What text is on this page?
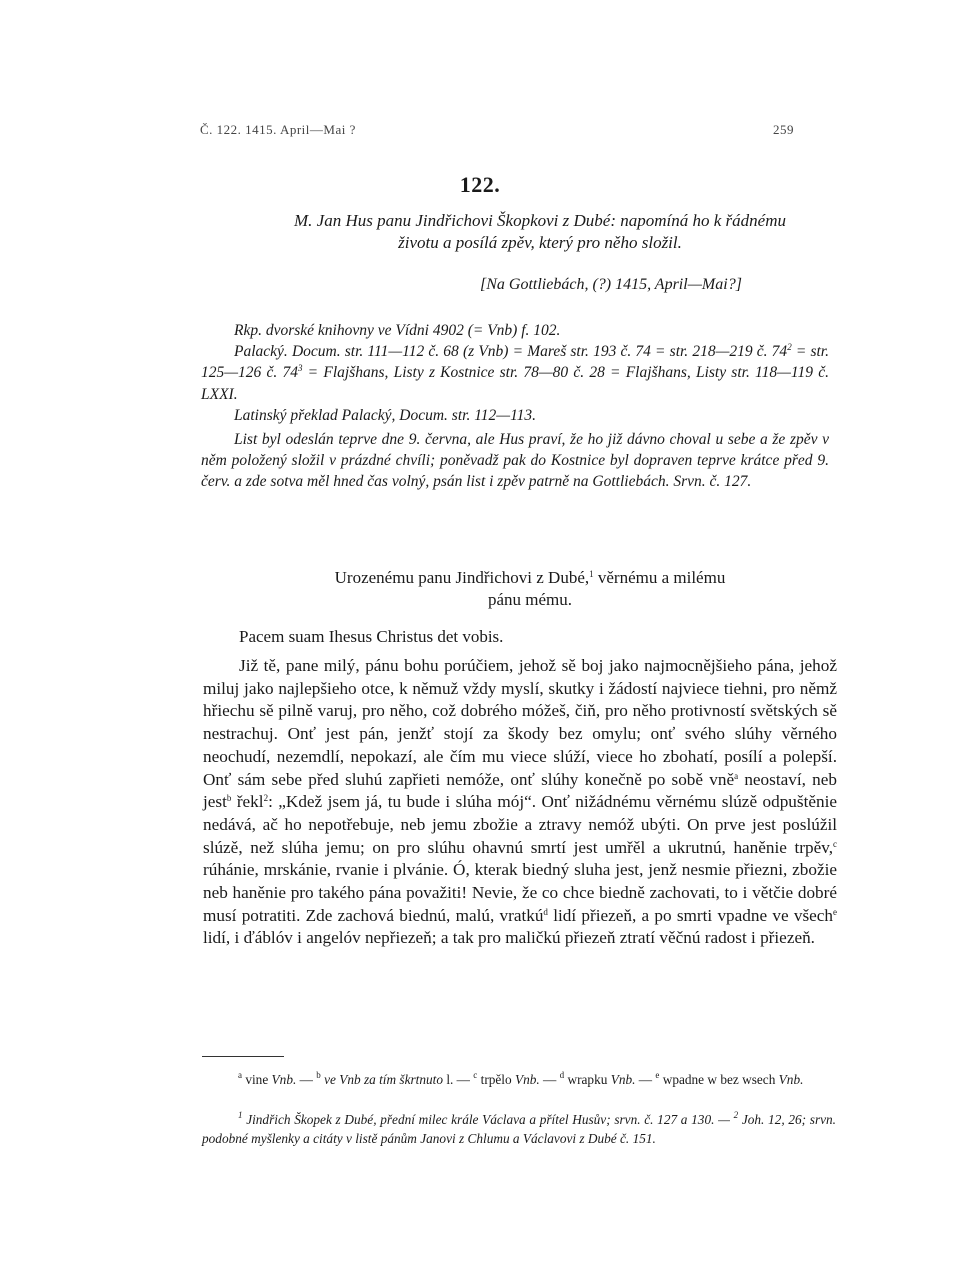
Č. 122. 1415. April—Mai ?	259
122.
M. Jan Hus panu Jindřichovi Škopkovi z Dubé: napomíná ho k řádnému
životu a posílá zpěv, který pro něho složil.
[Na Gottliebách, (?) 1415, April—Mai?]

Rkp. dvorské knihovny ve Vídni 4902 (= Vnb) f. 102.

Palacký. Docum. str. 111—112 č. 68 (z Vnb) = Mareš str. 193 č. 74 = str. 218—219 č. $74^2$ = str. 125—126 č. $74^3$ = Flajšhans, Listy z Kostnice str. 78—80 č. 28 = Flajšhans, Listy str. 118—119 č. LXXI.

Latinský překlad Palacký, Docum. str. 112—113.

List byl odeslán teprve dne 9. června, ale Hus praví, že ho již dávno choval u sebe a že zpěv v něm položený složil v prázdné chvíli; poněvadž pak do Kostnice byl dopraven teprve krátce před 9. červ. a zde sotva měl hned čas volný, psán list i zpěv patrně na Gottliebách. Srvn. č. 127.

Urozenému panu Jindřichovi z Dubé,$^1$ věrnému a milému
pánu mému.
Pacem suam Ihesus Christus det vobis.

Již tě, pane milý, pánu bohu porúčiem, jehož sě boj jako najmocnějšieho pána, jehož miluj jako najlepšieho otce, k němuž vždy myslí, skutky i žádostí najviece tiehni, pro němž hřiechu sě pilně varuj, pro něho, což dobrého móžeš, čiň, pro něho protivností světských sě nestrachuj. Onť jest pán, jenžť stojí za škody bez omylu; onť svého slúhy věrného neochudí, nezemdlí, nepokazí, ale čím mu viece slúží, viece ho zbohatí, posílí a polepší. Onť sám sebe před sluhú zapřieti nemóže, onť slúhy konečně po sobě vně$^a$ neostaví, neb jest$^b$ řekl$^2$: „Kdež jsem já, tu bude i slúha mój“. Onť nižádnému věrnému slúzě odpuštěnie nedává, ač ho nepotřebuje, neb jemu zbožie a ztravy nemóž ubýti. On prve jest poslúžil slúzě, než slúha jemu; on pro slúhu ohavnú smrtí jest umřěl a ukrutnú, haněnie trpěv,$^c$ rúhánie, mrskánie, rvanie i plvánie. Ó, kterak biedný sluha jest, jenž nesmie přiezni, zbožie neb haněnie pro takého pána považiti! Nevie, že co chce biedně zachovati, to i větčie dobré musí potratiti. Zde zachová biednú, malú, vratkú$^d$ lidí přiezeň, a po smrti vpadne ve všech$^e$ lidí, i ďáblóv i angelóv nepřiezeň; a tak pro maličkú přiezeň ztratí věčnú radost i přiezeň.

$^a$ vine Vnb. — $^b$ ve Vnb za tím škrtnuto l. — $^c$ trpělo Vnb. — $^d$ wrapku Vnb. — $^e$ wpadne w bez wsech Vnb.

$^1$ Jindřich Škopek z Dubé, přední milec krále Václava a přítel Husův; srvn. č. 127 a 130. — $^2$ Joh. 12, 26; srvn. podobné myšlenky a citáty v listě pánům Janovi z Chlumu a Václavovi z Dubé č. 151.
